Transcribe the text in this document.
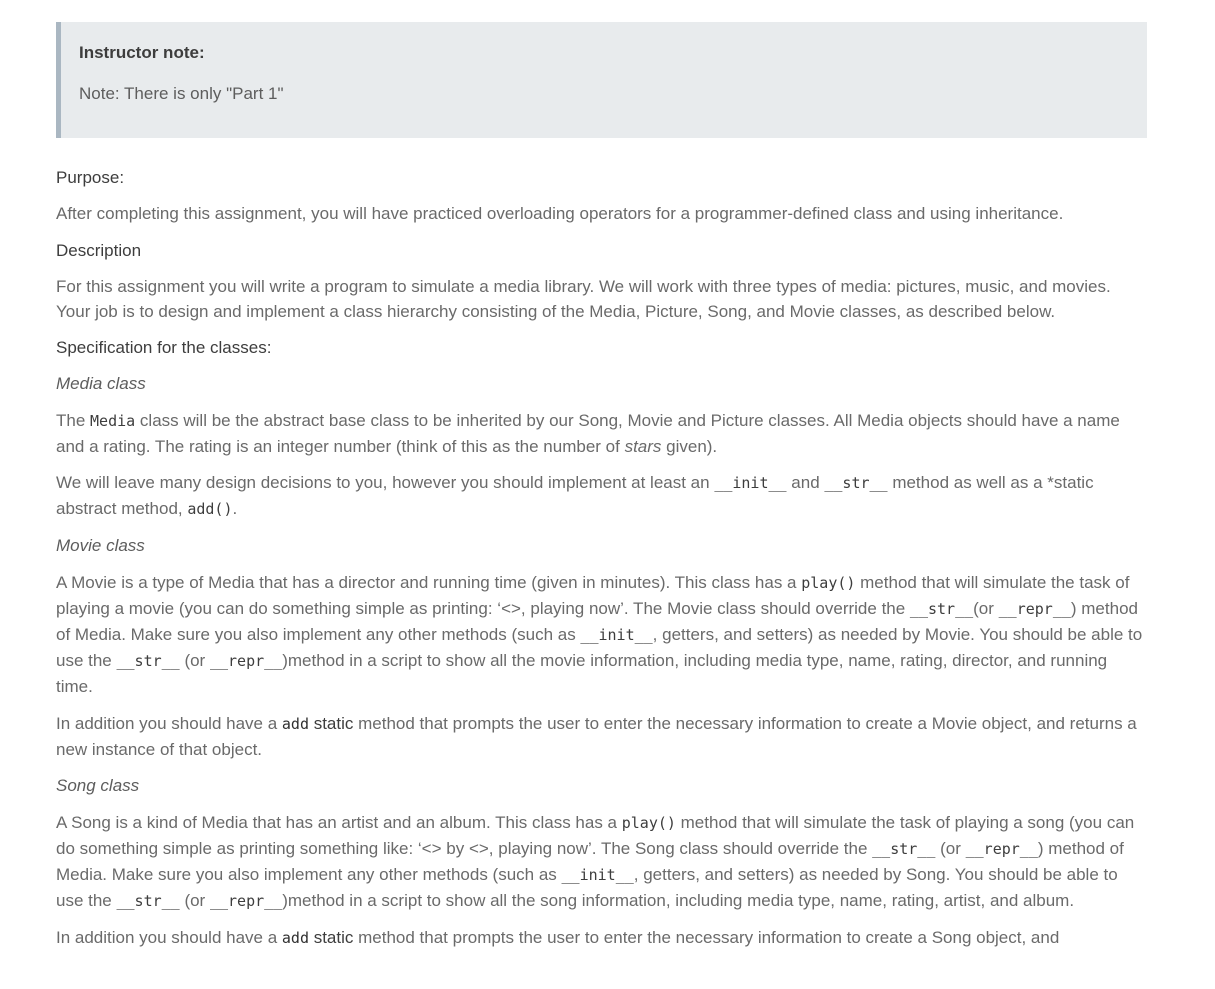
Instructor note:

Note: There is only "Part 1"

Purpose:

After completing this assignment, you will have practiced overloading operators for a programmer-defined class and using inheritance.

Description

For this assignment you will write a program to simulate a media library. We will work with three types of media: pictures, music, and movies. Your job is to design and implement a class hierarchy consisting of the Media, Picture, Song, and Movie classes, as described below.

Specification for the classes:

Media class

The Media class will be the abstract base class to be inherited by our Song, Movie and Picture classes. All Media objects should have a name and a rating. The rating is an integer number (think of this as the number of stars given).

We will leave many design decisions to you, however you should implement at least an __init__ and __str__ method as well as a *static abstract method, add().

Movie class

A Movie is a type of Media that has a director and running time (given in minutes). This class has a play() method that will simulate the task of playing a movie (you can do something simple as printing: ‘<>, playing now’. The Movie class should override the __str__(or __repr__) method of Media. Make sure you also implement any other methods (such as __init__, getters, and setters) as needed by Movie. You should be able to use the __str__ (or __repr__)method in a script to show all the movie information, including media type, name, rating, director, and running time.

In addition you should have a add static method that prompts the user to enter the necessary information to create a Movie object, and returns a new instance of that object.

Song class

A Song is a kind of Media that has an artist and an album. This class has a play() method that will simulate the task of playing a song (you can do something simple as printing something like: ‘<> by <>, playing now’. The Song class should override the __str__ (or __repr__) method of Media. Make sure you also implement any other methods (such as __init__, getters, and setters) as needed by Song. You should be able to use the __str__ (or __repr__)method in a script to show all the song information, including media type, name, rating, artist, and album.

In addition you should have a add static method that prompts the user to enter the necessary information to create a Song object, and
